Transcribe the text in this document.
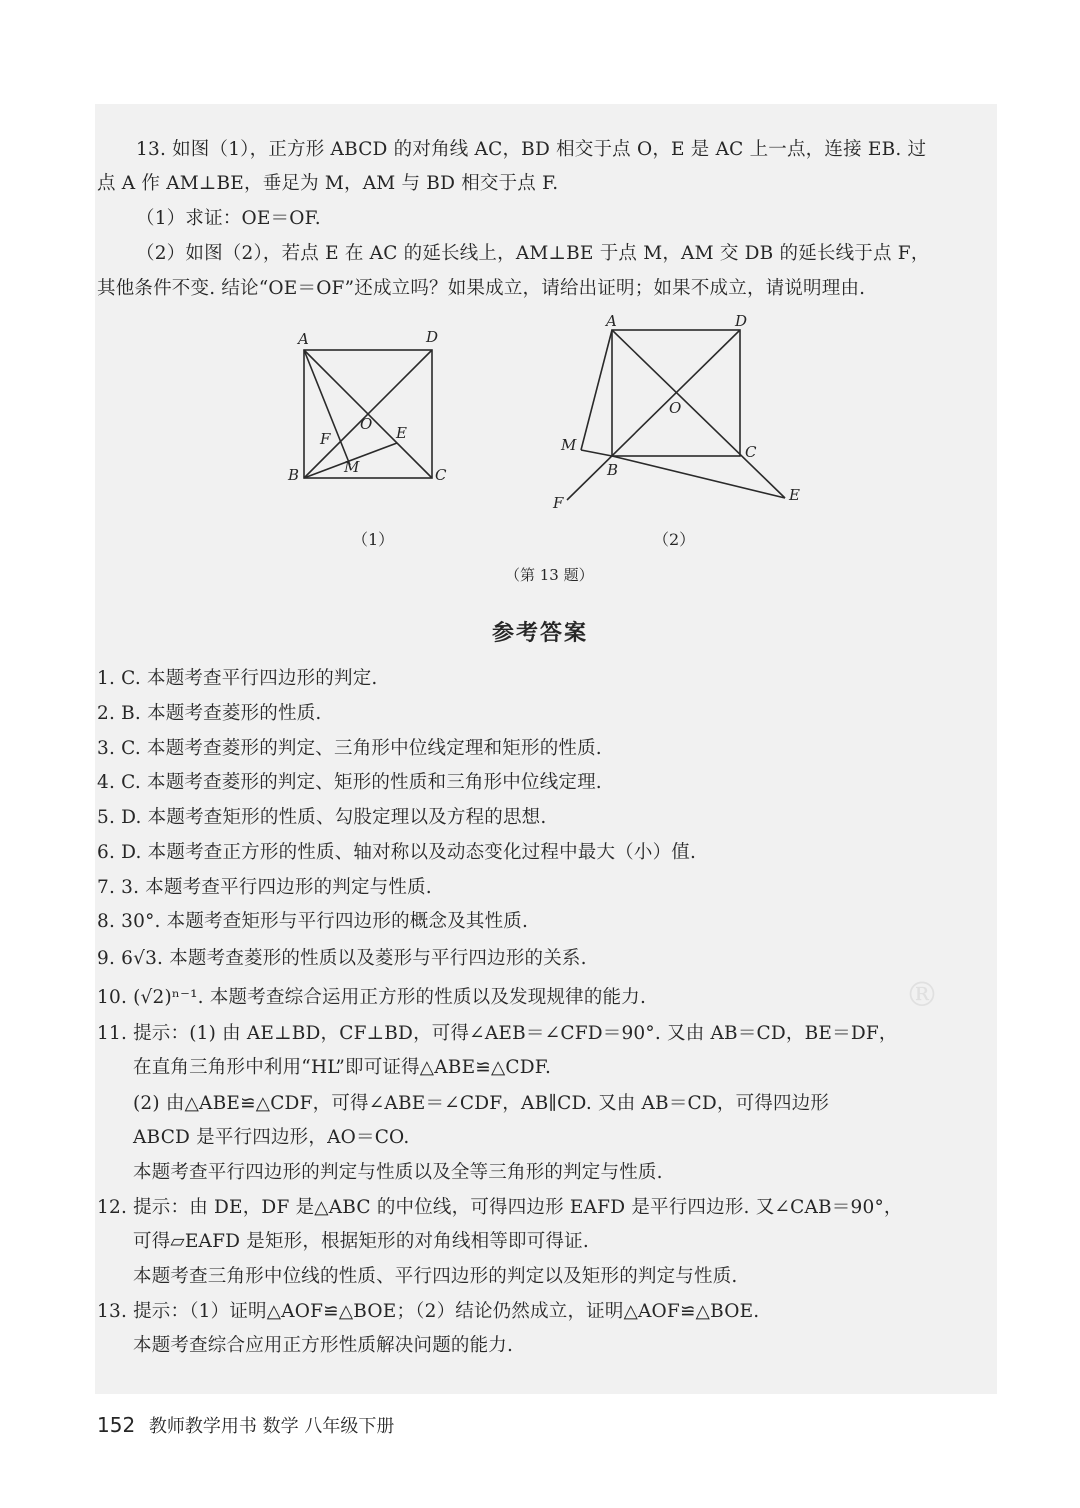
13. 如图（1），正方形 ABCD 的对角线 AC，BD 相交于点 O，E 是 AC 上一点，连接 EB. 过
点 A 作 AM⊥BE，垂足为 M，AM 与 BD 相交于点 F.
（1）求证：OE＝OF.
（2）如图（2），若点 E 在 AC 的延长线上，AM⊥BE 于点 M，AM 交 DB 的延长线于点 F，
其他条件不变. 结论“OE＝OF”还成立吗？如果成立，请给出证明；如果不成立，请说明理由.
A	D
B	C
O E
F
M
（1）
A	D
B
C
O
E
F
M
（2）
（第 13 题）
参考答案
1. C. 本题考查平行四边形的判定.
2. B. 本题考查菱形的性质.
3. C. 本题考查菱形的判定、三角形中位线定理和矩形的性质.
4. C. 本题考查菱形的判定、矩形的性质和三角形中位线定理.
5. D. 本题考查矩形的性质、勾股定理以及方程的思想.
6. D. 本题考查正方形的性质、轴对称以及动态变化过程中最大（小）值.
7. 3. 本题考查平行四边形的判定与性质.
8. 30°. 本题考查矩形与平行四边形的概念及其性质.
9. 6√3. 本题考查菱形的性质以及菱形与平行四边形的关系.
10. (√2)ⁿ⁻¹. 本题考查综合运用正方形的性质以及发现规律的能力.
11. 提示：(1) 由 AE⊥BD，CF⊥BD，可得∠AEB＝∠CFD＝90°. 又由 AB＝CD，BE＝DF，
在直角三角形中利用“HL”即可证得△ABE≌△CDF.
(2) 由△ABE≌△CDF，可得∠ABE＝∠CDF，AB∥CD. 又由 AB＝CD，可得四边形
ABCD 是平行四边形，AO＝CO.
本题考查平行四边形的判定与性质以及全等三角形的判定与性质.
12. 提示：由 DE，DF 是△ABC 的中位线，可得四边形 EAFD 是平行四边形. 又∠CAB＝90°，
可得▱EAFD 是矩形，根据矩形的对角线相等即可得证.
本题考查三角形中位线的性质、平行四边形的判定以及矩形的判定与性质.
13. 提示：（1）证明△AOF≌△BOE；（2）结论仍然成立，证明△AOF≌△BOE.
本题考查综合应用正方形性质解决问题的能力.
®
152 教师教学用书 数学 八年级下册
